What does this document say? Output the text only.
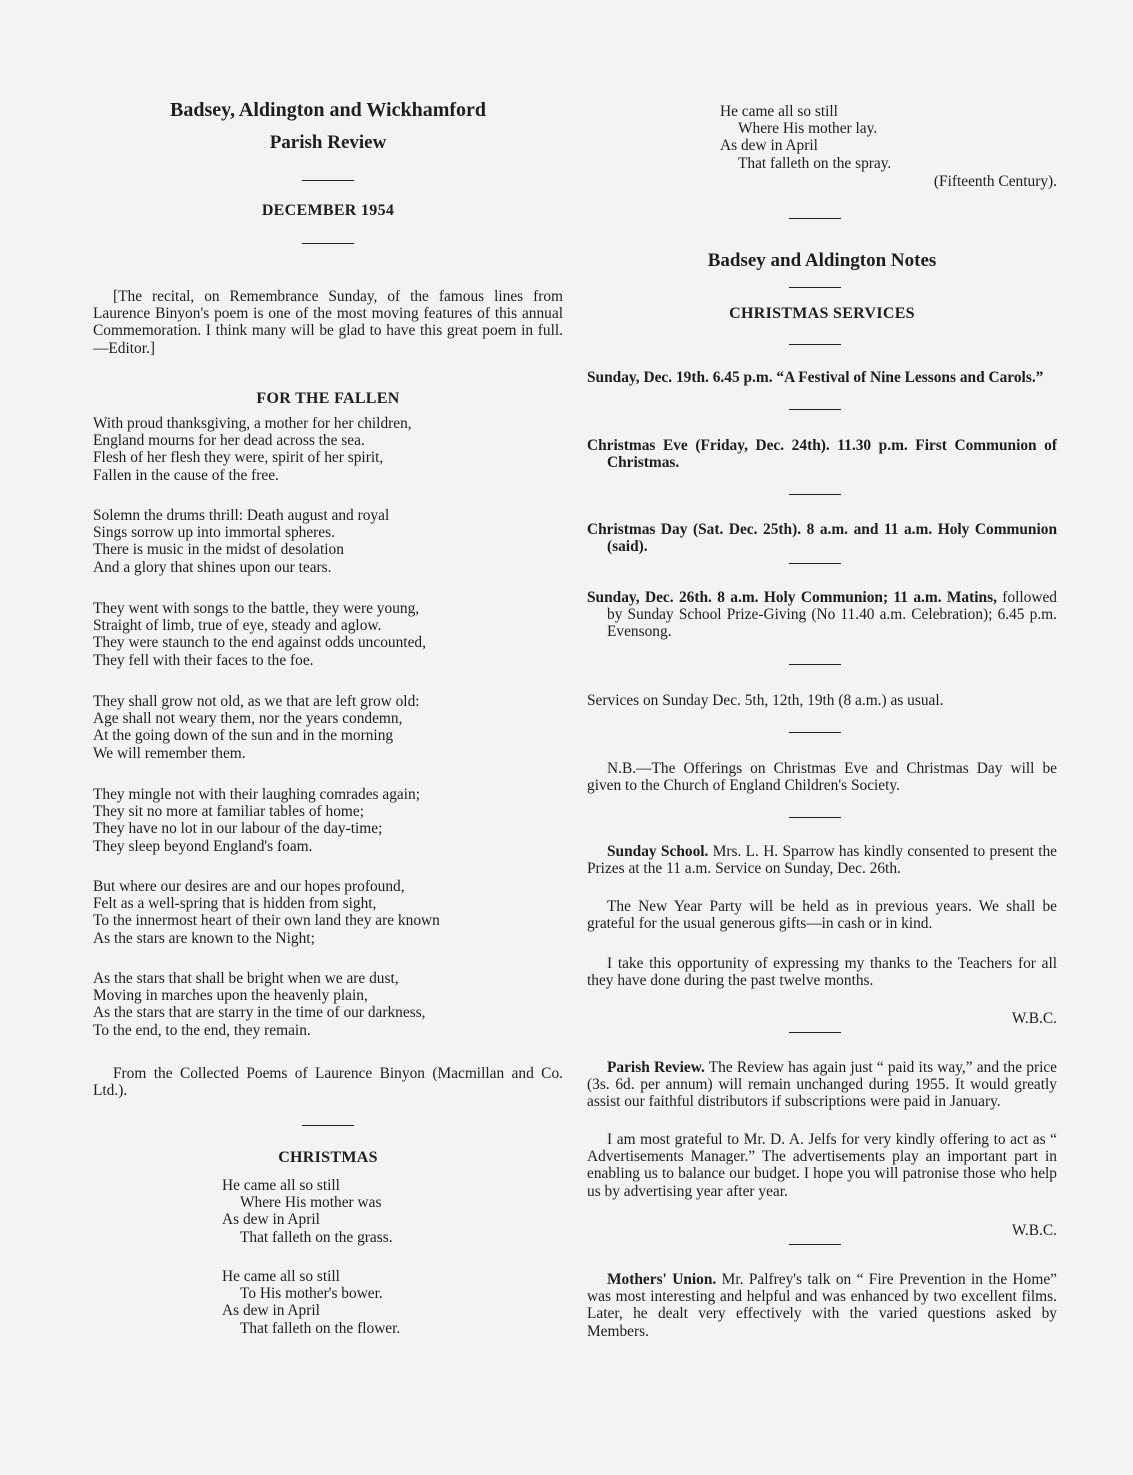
Badsey, Aldington and Wickhamford
Parish Review
DECEMBER 1954

[The recital, on Remembrance Sunday, of the famous lines from Laurence Binyon's poem is one of the most moving features of this annual Commemoration. I think many will be glad to have this great poem in full.—Editor.]

FOR THE FALLEN
With proud thanksgiving, a mother for her children,
England mourns for her dead across the sea.
Flesh of her flesh they were, spirit of her spirit,
Fallen in the cause of the free.
Solemn the drums thrill: Death august and royal
Sings sorrow up into immortal spheres.
There is music in the midst of desolation
And a glory that shines upon our tears.
They went with songs to the battle, they were young,
Straight of limb, true of eye, steady and aglow.
They were staunch to the end against odds uncounted,
They fell with their faces to the foe.
They shall grow not old, as we that are left grow old:
Age shall not weary them, nor the years condemn,
At the going down of the sun and in the morning
We will remember them.
They mingle not with their laughing comrades again;
They sit no more at familiar tables of home;
They have no lot in our labour of the day-time;
They sleep beyond England's foam.
But where our desires are and our hopes profound,
Felt as a well-spring that is hidden from sight,
To the innermost heart of their own land they are known
As the stars are known to the Night;
As the stars that shall be bright when we are dust,
Moving in marches upon the heavenly plain,
As the stars that are starry in the time of our darkness,
To the end, to the end, they remain.

From the Collected Poems of Laurence Binyon (Macmillan and Co. Ltd.).

CHRISTMAS
He came all so still
Where His mother was
As dew in April
That falleth on the grass.
He came all so still
To His mother's bower.
As dew in April
That falleth on the flower.
He came all so still
Where His mother lay.
As dew in April
That falleth on the spray.
(Fifteenth Century).
Badsey and Aldington Notes
CHRISTMAS SERVICES

Sunday, Dec. 19th. 6.45 p.m. “A Festival of Nine Lessons and Carols.”

Christmas Eve (Friday, Dec. 24th). 11.30 p.m. First Communion of Christmas.

Christmas Day (Sat. Dec. 25th). 8 a.m. and 11 a.m. Holy Communion (said).

Sunday, Dec. 26th. 8 a.m. Holy Communion; 11 a.m. Matins, followed by Sunday School Prize-Giving (No 11.40 a.m. Celebration); 6.45 p.m. Evensong.

Services on Sunday Dec. 5th, 12th, 19th (8 a.m.) as usual.

N.B.—The Offerings on Christmas Eve and Christmas Day will be given to the Church of England Children's Society.

Sunday School. Mrs. L. H. Sparrow has kindly consented to present the Prizes at the 11 a.m. Service on Sunday, Dec. 26th.

The New Year Party will be held as in previous years. We shall be grateful for the usual generous gifts—in cash or in kind.

I take this opportunity of expressing my thanks to the Teachers for all they have done during the past twelve months.

W.B.C.

Parish Review. The Review has again just “ paid its way,” and the price (3s. 6d. per annum) will remain unchanged during 1955. It would greatly assist our faithful distributors if subscriptions were paid in January.

I am most grateful to Mr. D. A. Jelfs for very kindly offering to act as “ Advertisements Manager.” The advertisements play an important part in enabling us to balance our budget. I hope you will patronise those who help us by advertising year after year.

W.B.C.

Mothers' Union. Mr. Palfrey's talk on “ Fire Prevention in the Home” was most interesting and helpful and was enhanced by two excellent films. Later, he dealt very effectively with the varied questions asked by Members.
